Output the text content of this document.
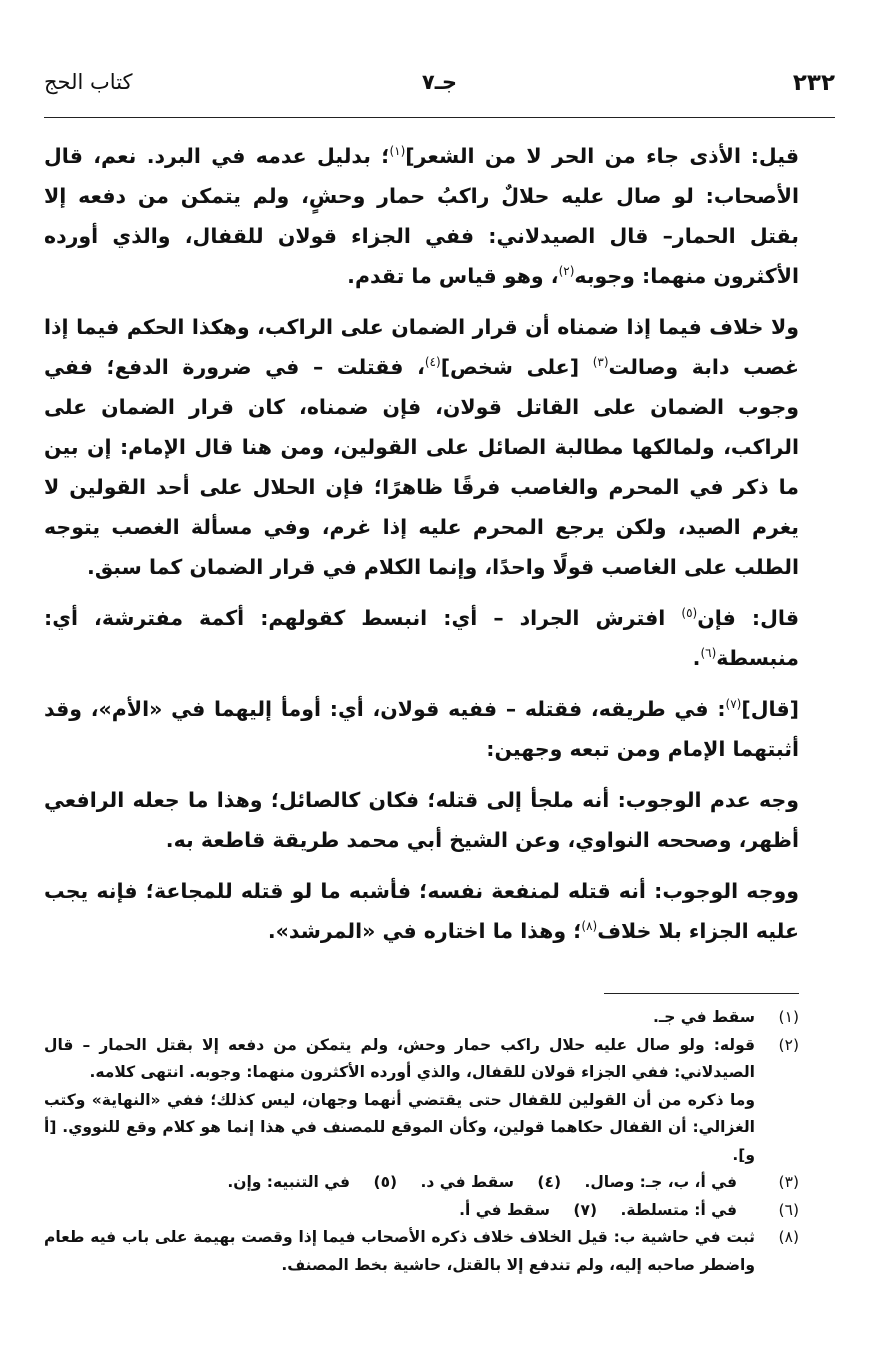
٢٣٢
جـ٧
كتاب الحج

قيل: الأذى جاء من الحر لا من الشعر]$^{(١)}$؛ بدليل عدمه في البرد. نعم، قال الأصحاب: لو صال عليه حلالٌ راكبُ حمار وحشٍ، ولم يتمكن من دفعه إلا بقتل الحمار– قال الصيدلاني: ففي الجزاء قولان للقفال، والذي أورده الأكثرون منهما: وجوبه$^{(٢)}$، وهو قياس ما تقدم.

ولا خلاف فيما إذا ضمناه أن قرار الضمان على الراكب، وهكذا الحكم فيما إذا غصب دابة وصالت$^{(٣)}$ [على شخص]$^{(٤)}$، فقتلت – في ضرورة الدفع؛ ففي وجوب الضمان على القاتل قولان، فإن ضمناه، كان قرار الضمان على الراكب، ولمالكها مطالبة الصائل على القولين، ومن هنا قال الإمام: إن بين ما ذكر في المحرم والغاصب فرقًا ظاهرًا؛ فإن الحلال على أحد القولين لا يغرم الصيد، ولكن يرجع المحرم عليه إذا غرم، وفي مسألة الغصب يتوجه الطلب على الغاصب قولًا واحدًا، وإنما الكلام في قرار الضمان كما سبق.

قال: فإن$^{(٥)}$ افترش الجراد – أي: انبسط كقولهم: أكمة مفترشة، أي: منبسطة$^{(٦)}$.

[قال]$^{(٧)}$: في طريقه، فقتله – ففيه قولان، أي: أومأ إليهما في «الأم»، وقد أثبتهما الإمام ومن تبعه وجهين:

وجه عدم الوجوب: أنه ملجأ إلى قتله؛ فكان كالصائل؛ وهذا ما جعله الرافعي أظهر، وصححه النواوي، وعن الشيخ أبي محمد طريقة قاطعة به.

ووجه الوجوب: أنه قتله لمنفعة نفسه؛ فأشبه ما لو قتله للمجاعة؛ فإنه يجب عليه الجزاء بلا خلاف$^{(٨)}$؛ وهذا ما اختاره في «المرشد».

(١)
سقط في جـ.
(٢)
قوله: ولو صال عليه حلال راكب حمار وحش، ولم يتمكن من دفعه إلا بقتل الحمار – قال الصيدلاني: ففي الجزاء قولان للقفال، والذي أورده الأكثرون منهما: وجوبه. انتهى كلامه.
وما ذكره من أن القولين للقفال حتى يقتضي أنهما وجهان، ليس كذلك؛ ففي «النهاية» وكتب الغزالي: أن القفال حكاهما قولين، وكأن الموقع للمصنف في هذا إنما هو كلام وقع للنووي. [أ و].
(٣)
في أ، ب، جـ: وصال. (٤) سقط في د. (٥) في التنبيه: وإن.
(٦)
في أ: متسلطة. (٧) سقط في أ.
(٨)
ثبت في حاشية ب: قيل الخلاف خلاف ذكره الأصحاب فيما إذا وقصت بهيمة على باب فيه طعام واضطر صاحبه إليه، ولم تندفع إلا بالقتل، حاشية بخط المصنف.
